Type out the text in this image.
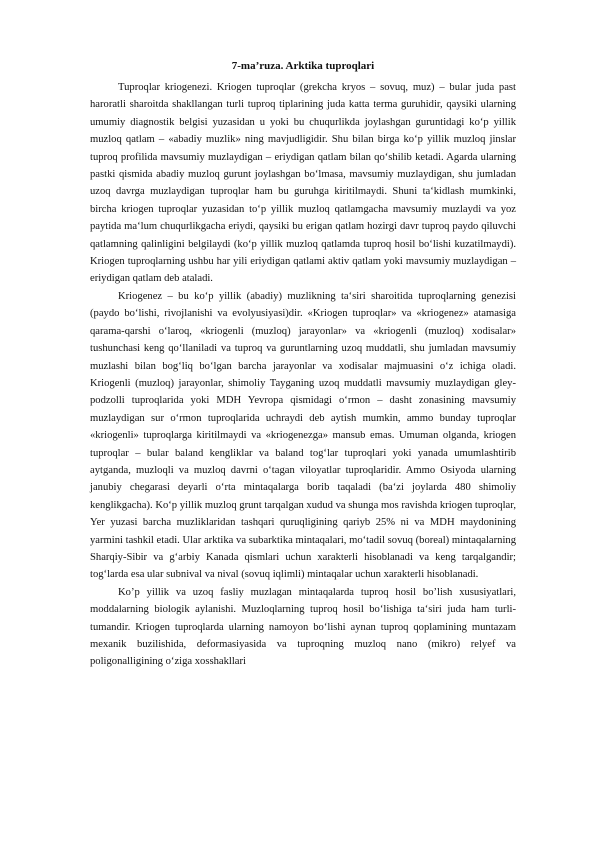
7-ma’ruza. Arktika tuproqlari

Tuproqlar kriogenezi. Kriogen tuproqlar (grekcha kryos – sovuq, muz) – bular juda past haroratli sharoitda shakllangan turli tuproq tiplarining juda katta terma guruhidir, qaysiki ularning umumiy diagnostik belgisi yuzasidan u yoki bu chuqurlikda joylashgan guruntidagi ko‘p yillik muzloq qatlam – «abadiy muzlik» ning mavjudligidir. Shu bilan birga ko‘p yillik muzloq jinslar tuproq profilida mavsumiy muzlaydigan – eriydigan qatlam bilan qo‘shilib ketadi. Agarda ularning pastki qismida abadiy muzloq gurunt joylashgan bo‘lmasa, mavsumiy muzlaydigan, shu jumladan uzoq davrga muzlaydigan tuproqlar ham bu guruhga kiritilmaydi. Shuni ta‘kidlash mumkinki, bircha kriogen tuproqlar yuzasidan to‘p yillik muzloq qatlamgacha mavsumiy muzlaydi va yoz paytida ma‘lum chuqurlikgacha eriydi, qaysiki bu erigan qatlam hozirgi davr tuproq paydo qiluvchi qatlamning qalinligini belgilaydi (ko‘p yillik muzloq qatlamda tuproq hosil bo‘lishi kuzatilmaydi). Kriogen tuproqlarning ushbu har yili eriydigan qatlami aktiv qatlam yoki mavsumiy muzlaydigan – eriydigan qatlam deb ataladi.

Kriogenez – bu ko‘p yillik (abadiy) muzlikning ta‘siri sharoitida tuproqlarning genezisi (paydo bo‘lishi, rivojlanishi va evolyusiyasi)dir. «Kriogen tuproqlar» va «kriogenez» atamasiga qarama-qarshi o‘laroq, «kriogenli (muzloq) jarayonlar» va «kriogenli (muzloq) xodisalar» tushunchasi keng qo‘llaniladi va tuproq va guruntlarning uzoq muddatli, shu jumladan mavsumiy muzlashi bilan bog‘liq bo‘lgan barcha jarayonlar va xodisalar majmuasini o‘z ichiga oladi. Kriogenli (muzloq) jarayonlar, shimoliy Tayganing uzoq muddatli mavsumiy muzlaydigan gley-podzolli tuproqlarida yoki MDH Yevropa qismidagi o‘rmon – dasht zonasining mavsumiy muzlaydigan sur o‘rmon tuproqlarida uchraydi deb aytish mumkin, ammo bunday tuproqlar «kriogenli» tuproqlarga kiritilmaydi va «kriogenezga» mansub emas. Umuman olganda, kriogen tuproqlar – bular baland kengliklar va baland tog‘lar tuproqlari yoki yanada umumlashtirib aytganda, muzloqli va muzloq davrni o‘tagan viloyatlar tuproqlaridir. Ammo Osiyoda ularning janubiy chegarasi deyarli o‘rta mintaqalarga borib taqaladi (ba‘zi joylarda 480 shimoliy kenglikgacha). Ko‘p yillik muzloq grunt tarqalgan xudud va shunga mos ravishda kriogen tuproqlar, Yer yuzasi barcha muzliklaridan tashqari quruqligining qariyb 25% ni va MDH maydonining yarmini tashkil etadi. Ular arktika va subarktika mintaqalari, mo‘tadil sovuq (boreal) mintaqalarning Sharqiy-Sibir va g‘arbiy Kanada qismlari uchun xarakterli hisoblanadi va keng tarqalgandir; tog‘larda esa ular subnival va nival (sovuq iqlimli) mintaqalar uchun xarakterli hisoblanadi.

Ko’p yillik va uzoq fasliy muzlagan mintaqalarda tuproq hosil bo’lish xususiyatlari, moddalarning biologik aylanishi. Muzloqlarning tuproq hosil bo‘lishiga ta‘siri juda ham turli-tumandir. Kriogen tuproqlarda ularning namoyon bo‘lishi aynan tuproq qoplamining muntazam mexanik buzilishida, deformasiyasida va tuproqning muzloq nano (mikro) relyef va poligonalligining o‘ziga xosshakllari
